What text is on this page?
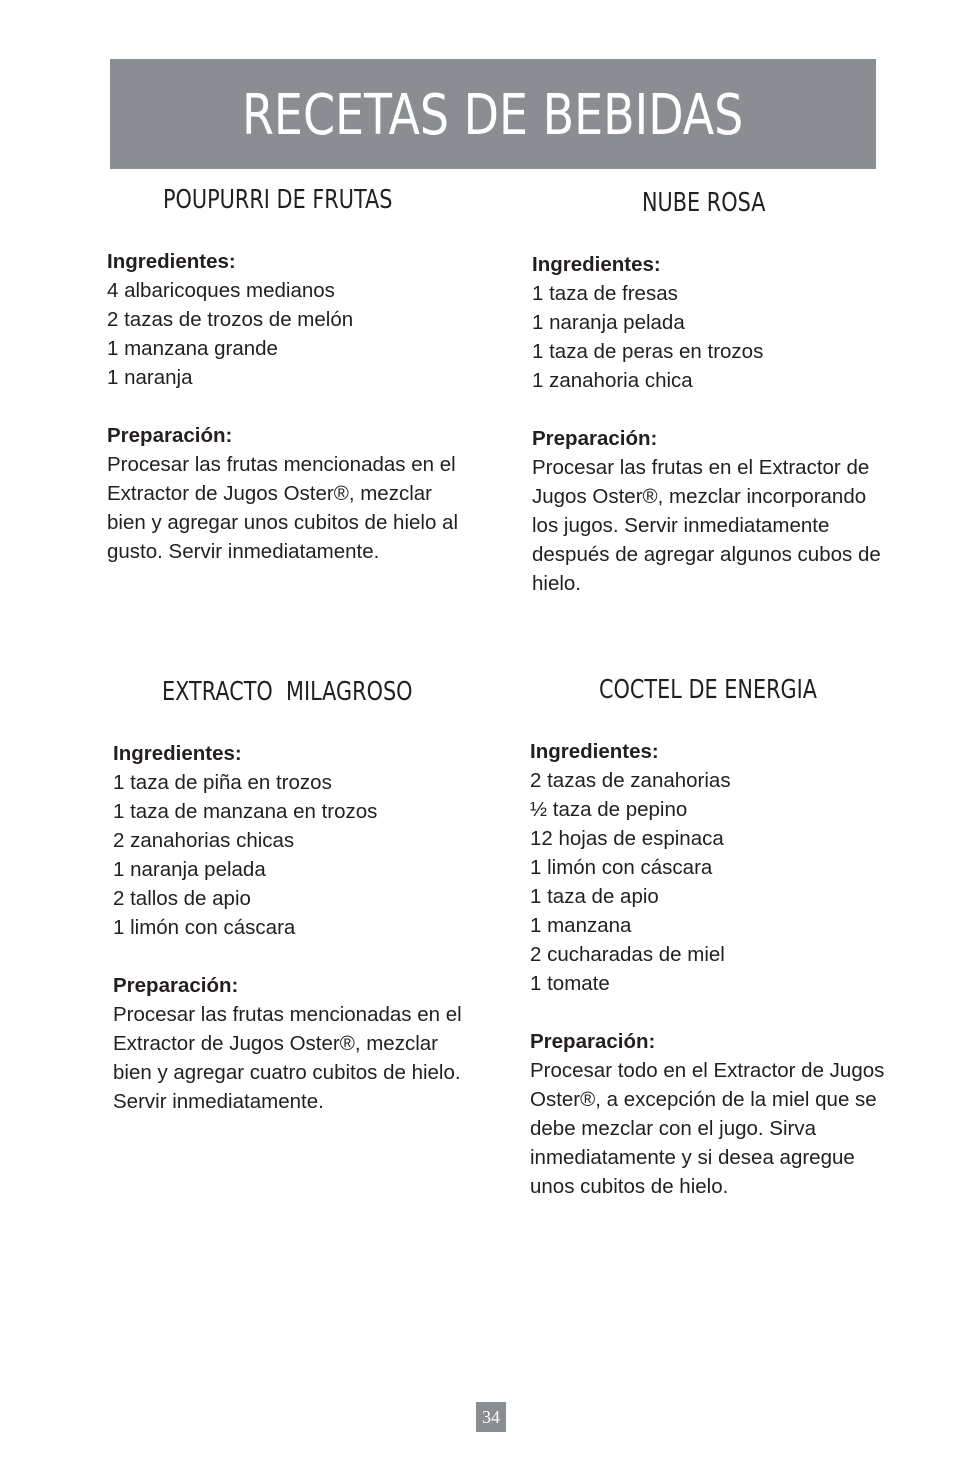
RECETAS DE BEBIDAS
POUPURRI DE FRUTAS
Ingredientes:
4 albaricoques medianos
2 tazas de trozos de melón
1 manzana grande
1 naranja
Preparación:
Procesar las frutas mencionadas en el
Extractor de Jugos Oster®, mezclar
bien y agregar unos cubitos de hielo al
gusto. Servir inmediatamente.
NUBE ROSA
Ingredientes:
1 taza de fresas
1 naranja pelada
1 taza de peras en trozos
1 zanahoria chica
Preparación:
Procesar las frutas en el Extractor de
Jugos Oster®, mezclar incorporando
los jugos. Servir inmediatamente
después de agregar algunos cubos de
hielo.
EXTRACTO  MILAGROSO
Ingredientes:
1 taza de piña en trozos
1 taza de manzana en trozos
2 zanahorias chicas
1 naranja pelada
2 tallos de apio
1 limón con cáscara
Preparación:
Procesar las frutas mencionadas en el
Extractor de Jugos Oster®, mezclar
bien y agregar cuatro cubitos de hielo.
Servir inmediatamente.
COCTEL DE ENERGIA
Ingredientes:
2 tazas de zanahorias
½ taza de pepino
12 hojas de espinaca
1 limón con cáscara
1 taza de apio
1 manzana
2 cucharadas de miel
1 tomate
Preparación:
Procesar todo en el Extractor de Jugos
Oster®, a excepción de la miel que se
debe mezclar con el jugo. Sirva
inmediatamente y si desea agregue
unos cubitos de hielo.
34
